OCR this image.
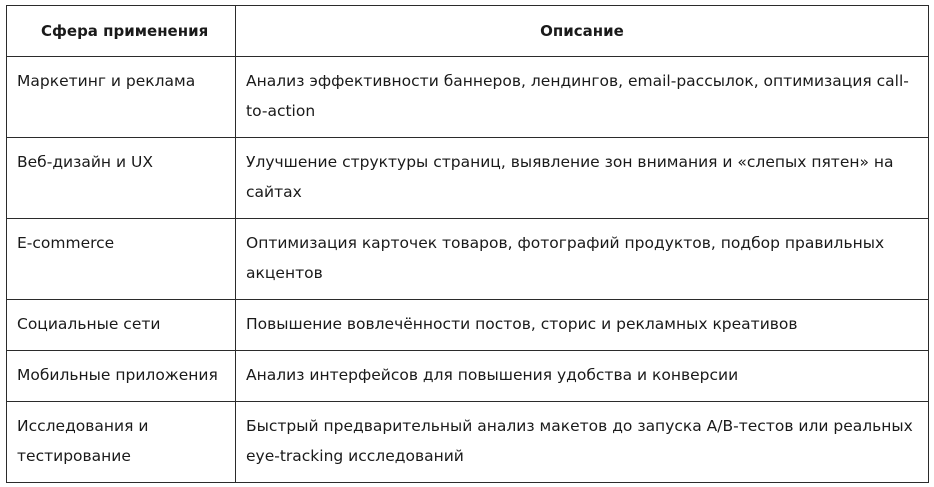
Сфера применения	Описание
Маркетинг и реклама	Анализ эффективности баннеров, лендингов, email-рассылок, оптимизация call-to-action
Веб-дизайн и UX	Улучшение структуры страниц, выявление зон внимания и «слепых пятен» на сайтах
E-commerce	Оптимизация карточек товаров, фотографий продуктов, подбор правильных акцентов
Социальные сети	Повышение вовлечённости постов, сторис и рекламных креативов
Мобильные приложения	Анализ интерфейсов для повышения удобства и конверсии
Исследования и тестирование	Быстрый предварительный анализ макетов до запуска A/B-тестов или реальных eye-tracking исследований
